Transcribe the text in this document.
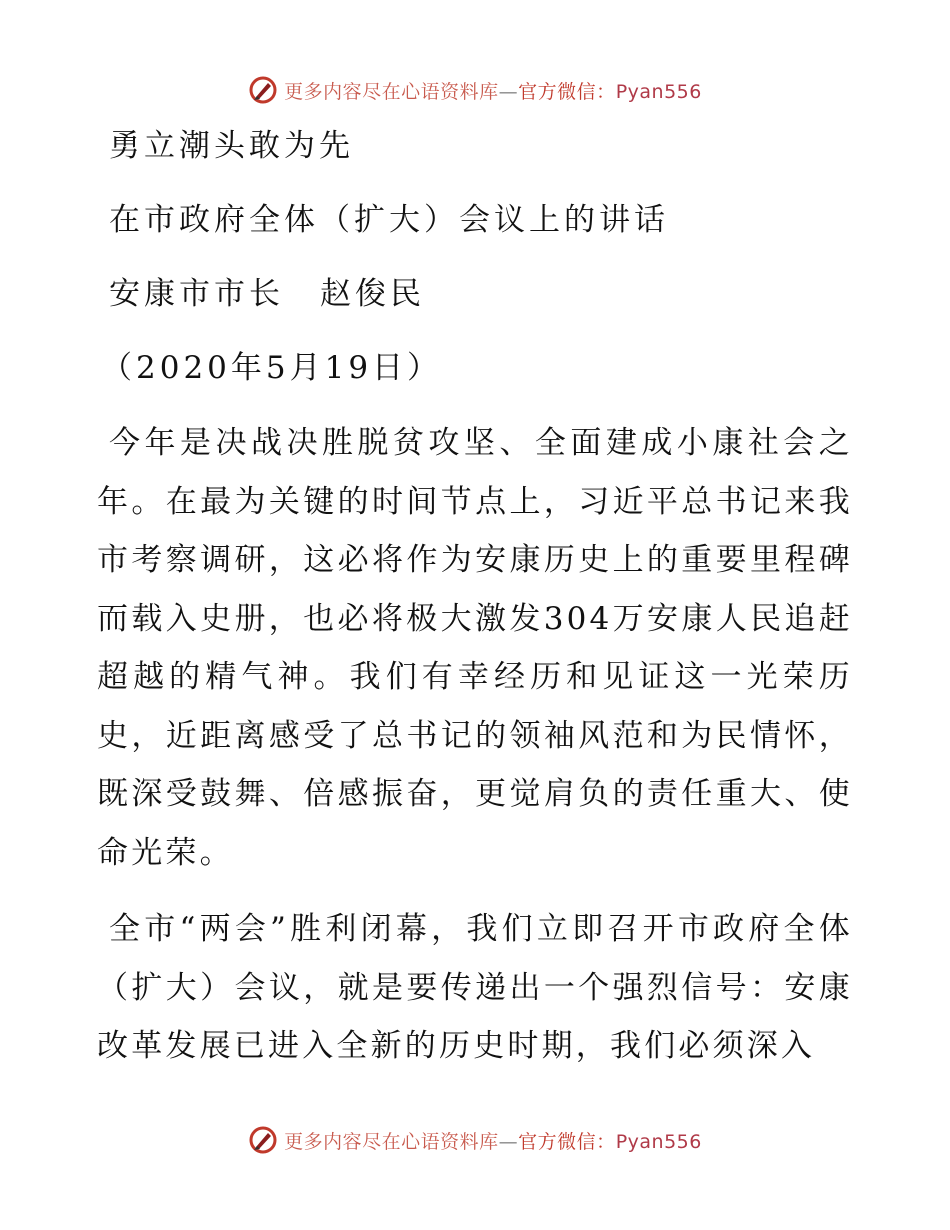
更多内容尽在心语资料库—官方微信：Pyan556
勇立潮头敢为先
在市政府全体（扩大）会议上的讲话
安康市市长 赵俊民
（2020年5月19日）

今年是决战决胜脱贫攻坚、全面建成小康社会之年。在最为关键的时间节点上，习近平总书记来我市考察调研，这必将作为安康历史上的重要里程碑而载入史册，也必将极大激发304万安康人民追赶超越的精气神。我们有幸经历和见证这一光荣历史，近距离感受了总书记的领袖风范和为民情怀，既深受鼓舞、倍感振奋，更觉肩负的责任重大、使命光荣。

全市“两会”胜利闭幕，我们立即召开市政府全体（扩大）会议，就是要传递出一个强烈信号：安康改革发展已进入全新的历史时期，我们必须深入

更多内容尽在心语资料库—官方微信：Pyan556
